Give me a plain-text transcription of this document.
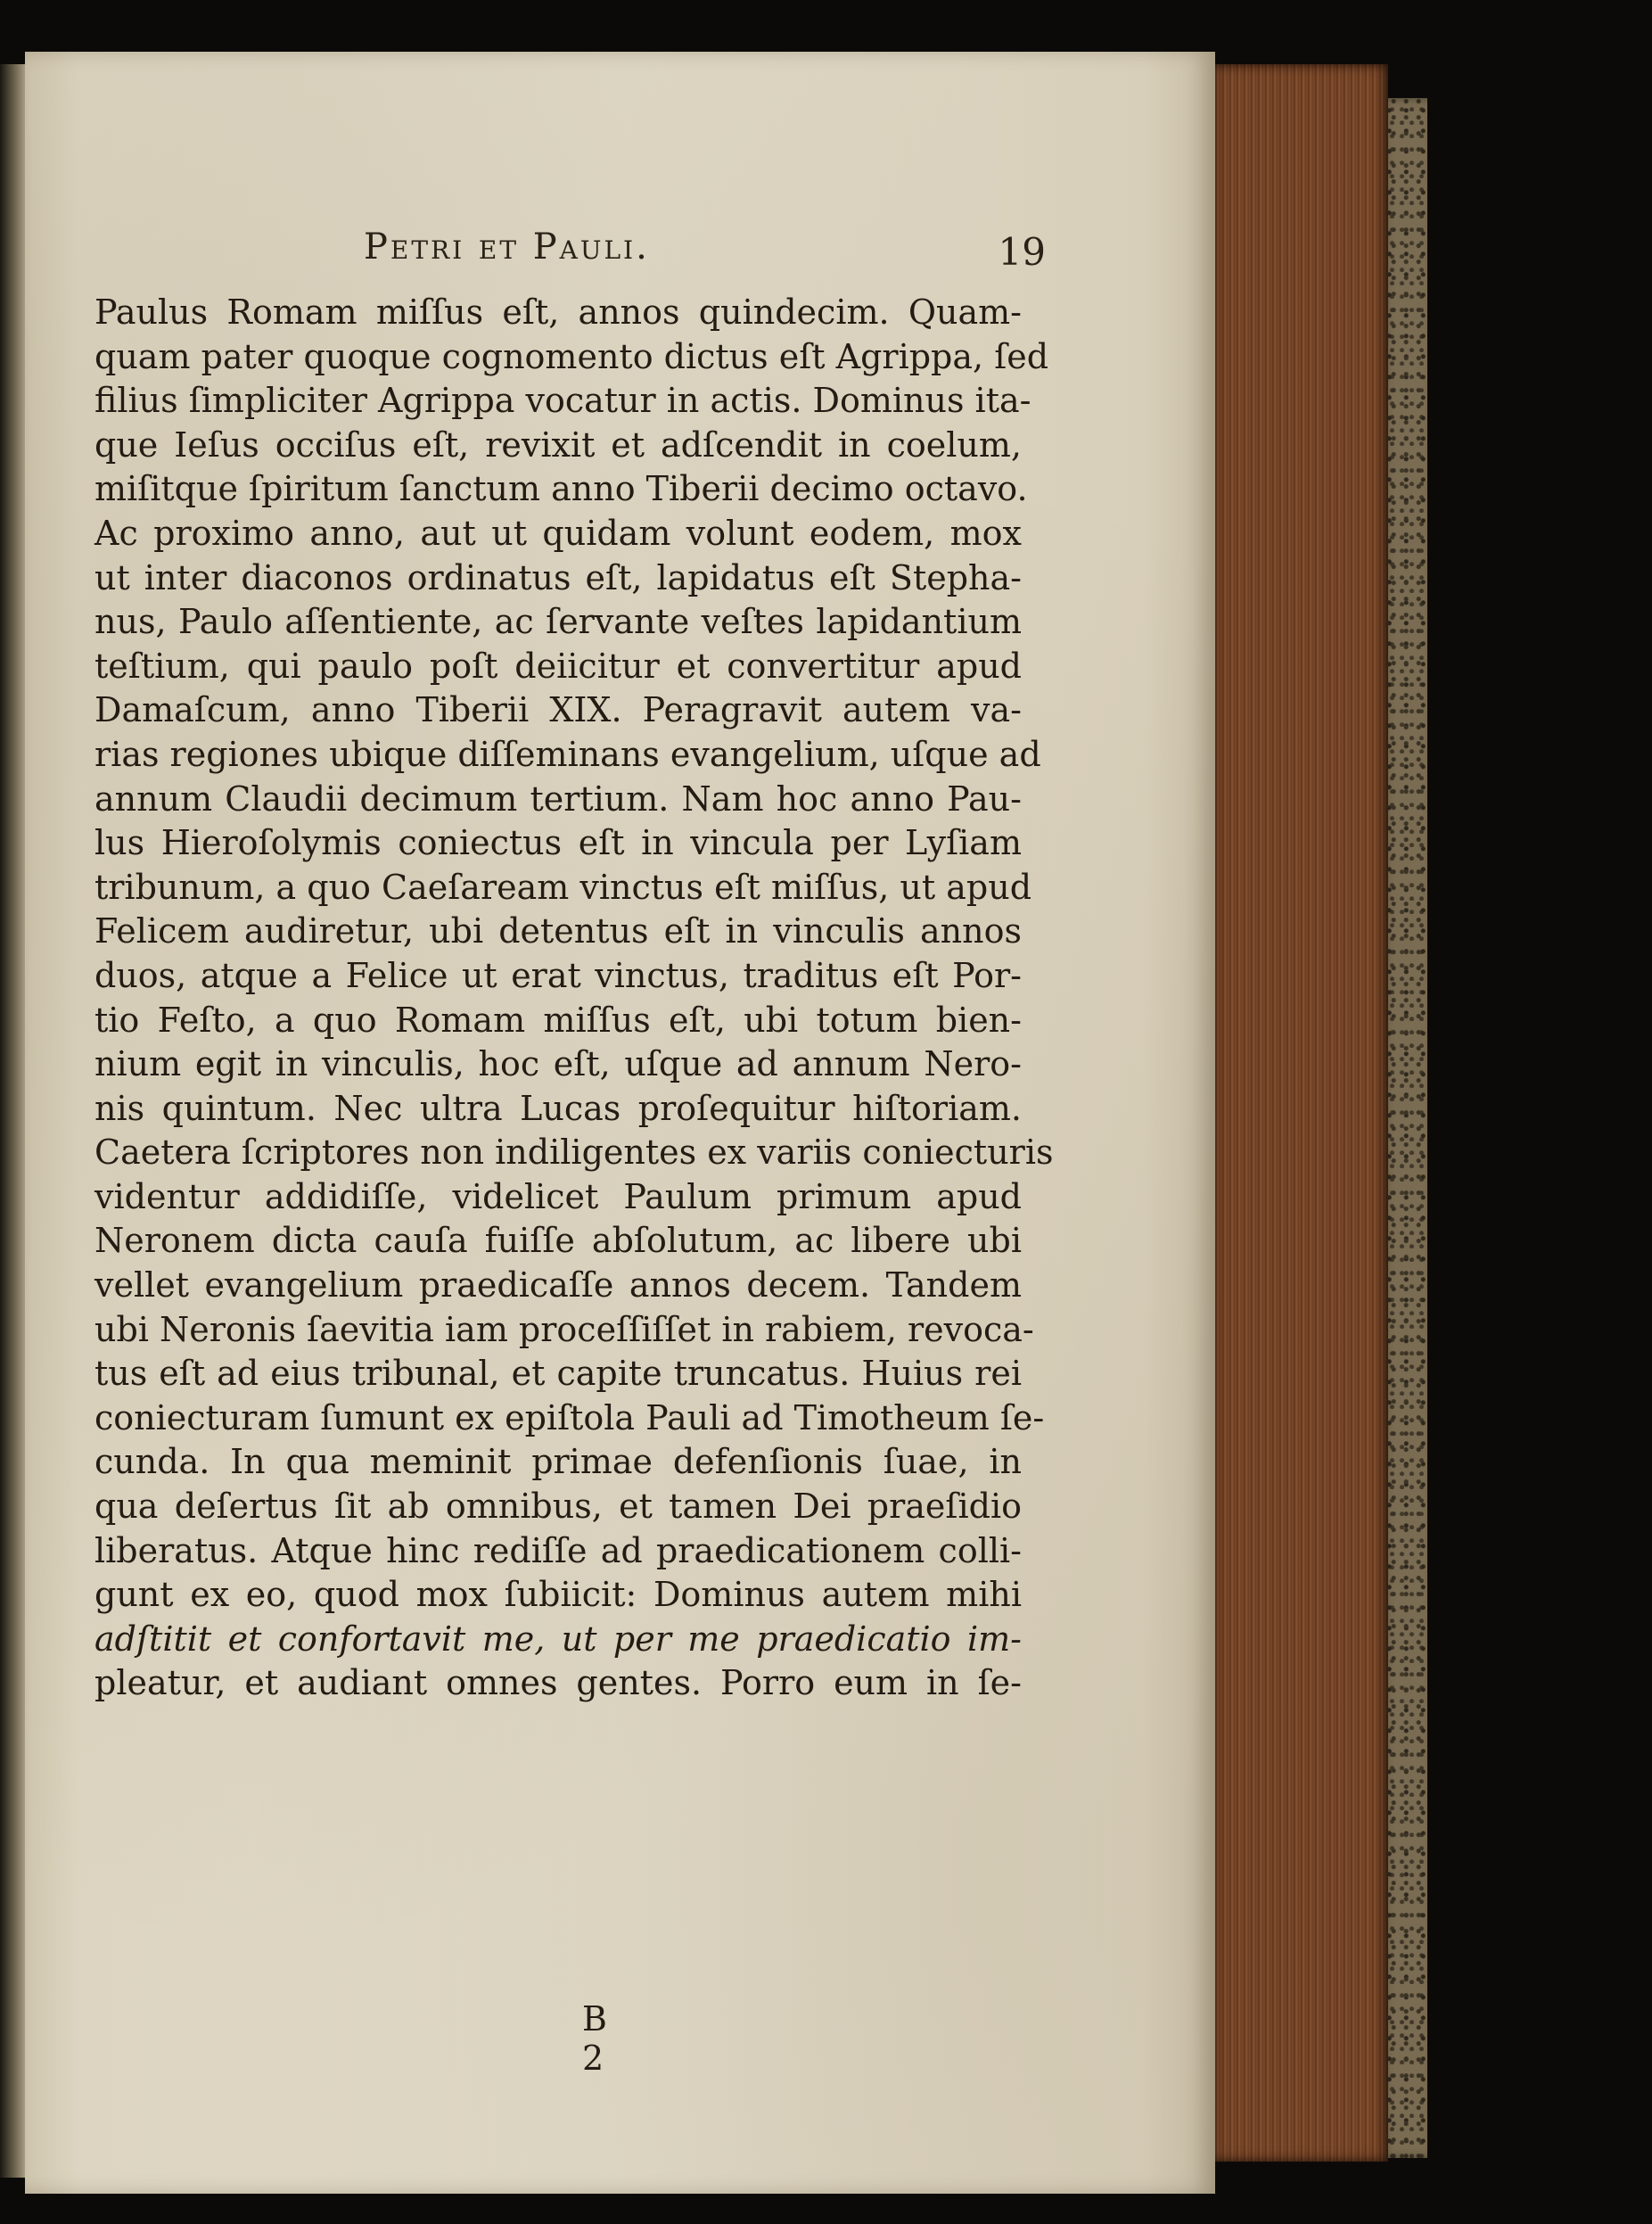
Petri et Pauli.	19
Paulus Romam miſſus eſt, annos quindecim. Quam-
quam pater quoque cognomento dictus eſt Agrippa, ſed
filius ſimpliciter Agrippa vocatur in actis. Dominus ita-
que Ieſus occiſus eſt, revixit et adſcendit in coelum,
miſitque ſpiritum ſanctum anno Tiberii decimo octavo.
Ac proximo anno, aut ut quidam volunt eodem, mox
ut inter diaconos ordinatus eſt, lapidatus eſt Stepha-
nus, Paulo aſſentiente, ac ſervante veſtes lapidantium
teſtium, qui paulo poſt deiicitur et convertitur apud
Damaſcum, anno Tiberii XIX. Peragravit autem va-
rias regiones ubique diſſeminans evangelium, uſque ad
annum Claudii decimum tertium. Nam hoc anno Pau-
lus Hieroſolymis coniectus eſt in vincula per Lyſiam
tribunum, a quo Caeſaream vinctus eſt miſſus, ut apud
Felicem audiretur, ubi detentus eſt in vinculis annos
duos, atque a Felice ut erat vinctus, traditus eſt Por-
tio Feſto, a quo Romam miſſus eſt, ubi totum bien-
nium egit in vinculis, hoc eſt, uſque ad annum Nero-
nis quintum. Nec ultra Lucas proſequitur hiſtoriam.
Caetera ſcriptores non indiligentes ex variis coniecturis
videntur addidiſſe, videlicet Paulum primum apud
Neronem dicta cauſa fuiſſe abſolutum, ac libere ubi
vellet evangelium praedicaſſe annos decem. Tandem
ubi Neronis ſaevitia iam proceſſiſſet in rabiem, revoca-
tus eſt ad eius tribunal, et capite truncatus. Huius rei
coniecturam ſumunt ex epiſtola Pauli ad Timotheum ſe-
cunda. In qua meminit primae defenſionis ſuae, in
qua deſertus ſit ab omnibus, et tamen Dei praeſidio
liberatus. Atque hinc rediſſe ad praedicationem colli-
gunt ex eo, quod mox ſubiicit: Dominus autem mihi
adſtitit et confortavit me, ut per me praedicatio im-
pleatur, et audiant omnes gentes. Porro eum in ſe-
B 2
